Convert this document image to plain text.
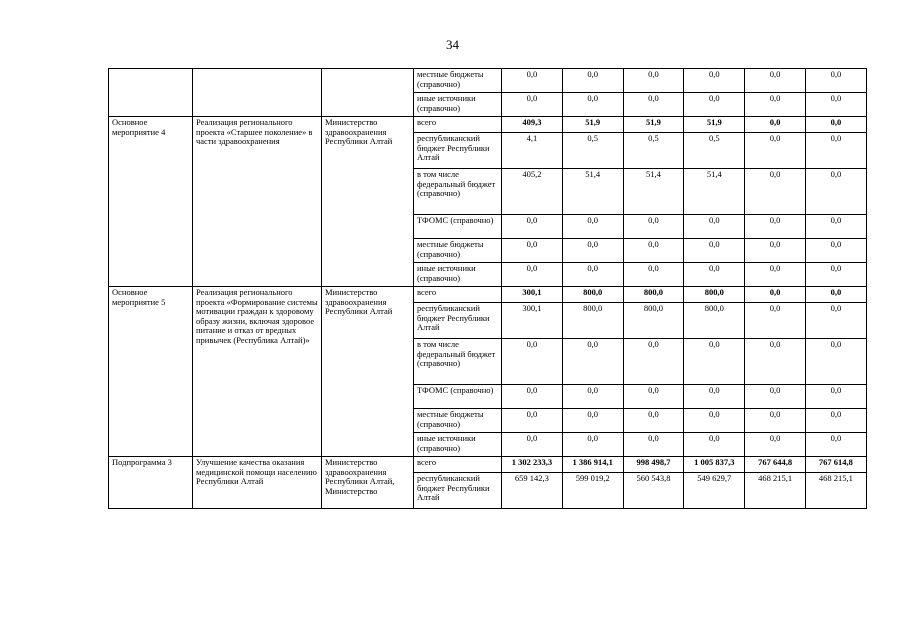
34
			местные бюджеты (справочно)	0,0	0,0	0,0	0,0	0,0	0,0
			иные источники (справочно)	0,0	0,0	0,0	0,0	0,0	0,0
Основное мероприятие 4	Реализация регионального проекта «Старшее поколение» в части здравоохранения	Министерство здравоохранения Республики Алтай	всего	409,3	51,9	51,9	51,9	0,0	0,0
			республиканский бюджет Республики Алтай	4,1	0,5	0,5	0,5	0,0	0,0
			в том числе федеральный бюджет (справочно)	405,2	51,4	51,4	51,4	0,0	0,0
			ТФОМС (справочно)	0,0	0,0	0,0	0,0	0,0	0,0
			местные бюджеты (справочно)	0,0	0,0	0,0	0,0	0,0	0,0
			иные источники (справочно)	0,0	0,0	0,0	0,0	0,0	0,0
Основное мероприятие 5	Реализация регионального проекта «Формирование системы мотивации граждан к здоровому образу жизни, включая здоровое питание и отказ от вредных привычек (Республика Алтай)»	Министерство здравоохранения Республики Алтай	всего	300,1	800,0	800,0	800,0	0,0	0,0
			республиканский бюджет Республики Алтай	300,1	800,0	800,0	800,0	0,0	0,0
			в том числе федеральный бюджет (справочно)	0,0	0,0	0,0	0,0	0,0	0,0
			ТФОМС (справочно)	0,0	0,0	0,0	0,0	0,0	0,0
			местные бюджеты (справочно)	0,0	0,0	0,0	0,0	0,0	0,0
			иные источники (справочно)	0,0	0,0	0,0	0,0	0,0	0,0
Подпрограмма 3	Улучшение качества оказания медицинской помощи населению Республики Алтай	Министерство здравоохранения Республики Алтай, Министерство	всего	1 302 233,3	1 386 914,1	998 498,7	1 005 837,3	767 644,8	767 614,8
			республиканский бюджет Республики Алтай	659 142,3	599 019,2	560 543,8	549 629,7	468 215,1	468 215,1
